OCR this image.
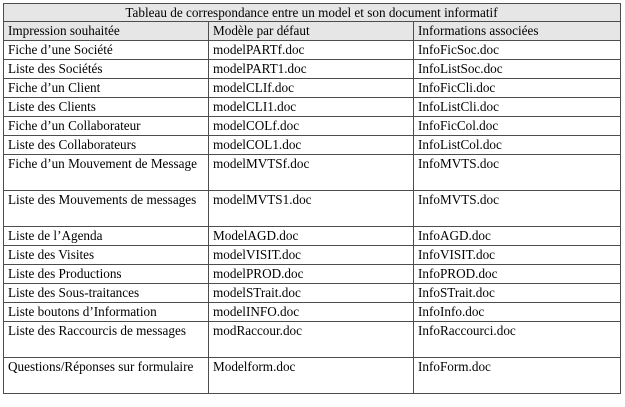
Tableau de correspondance entre un model et son document informatif		
Impression souhaitée	Modèle par défaut	Informations associées
Fiche d’une Société	modelPARTf.doc	InfoFicSoc.doc
Liste des Sociétés	modelPART1.doc	InfoListSoc.doc
Fiche d’un Client	modelCLIf.doc	InfoFicCli.doc
Liste des Clients	modelCLI1.doc	InfoListCli.doc
Fiche d’un Collaborateur	modelCOLf.doc	InfoFicCol.doc
Liste des Collaborateurs	modelCOL1.doc	InfoListCol.doc
Fiche d’un Mouvement de Message	modelMVTSf.doc	InfoMVTS.doc
Liste des Mouvements de messages	modelMVTS1.doc	InfoMVTS.doc
Liste de l’Agenda	ModelAGD.doc	InfoAGD.doc
Liste des Visites	modelVISIT.doc	InfoVISIT.doc
Liste des Productions	modelPROD.doc	InfoPROD.doc
Liste des Sous-traitances	modelSTrait.doc	InfoSTrait.doc
Liste boutons d’Information	modelINFO.doc	InfoInfo.doc
Liste des Raccourcis de messages	modRaccour.doc	InfoRaccourci.doc
Questions/Réponses sur formulaire	Modelform.doc	InfoForm.doc
